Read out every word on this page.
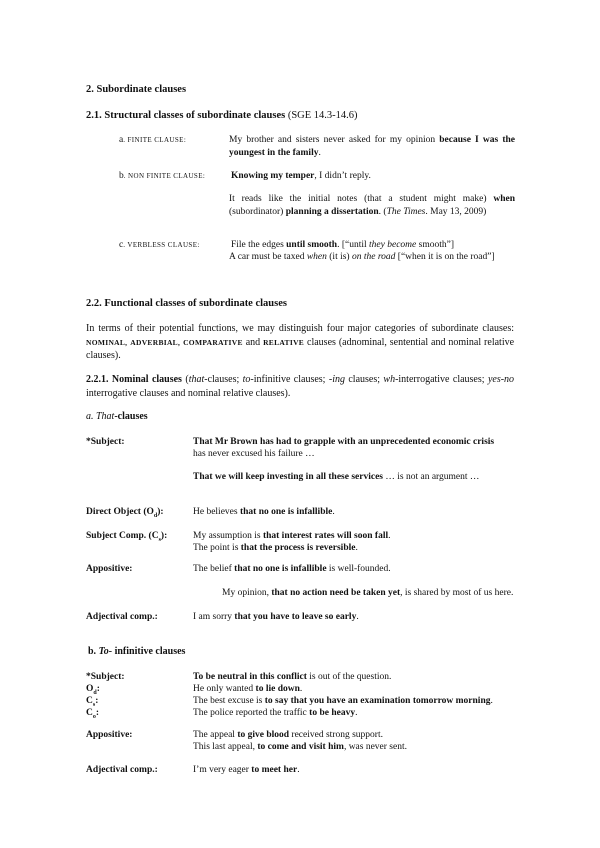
2. Subordinate clauses
2.1. Structural classes of subordinate clauses (SGE 14.3-14.6)
a. FINITE CLAUSE:	My brother and sisters never asked for my opinion because I was the youngest in the family.
b. NON FINITE CLAUSE:	Knowing my temper, I didn’t reply.
It reads like the initial notes (that a student might make) when (subordinator) planning a dissertation. (The Times. May 13, 2009)
c. VERBLESS CLAUSE:	File the edges until smooth. [“until they become smooth”]
A car must be taxed when (it is) on the road [“when it is on the road”]
2.2. Functional classes of subordinate clauses
In terms of their potential functions, we may distinguish four major categories of subordinate clauses: NOMINAL, ADVERBIAL, COMPARATIVE and RELATIVE clauses (adnominal, sentential and nominal relative clauses).
2.2.1. Nominal clauses (that-clauses; to-infinitive clauses; -ing clauses; wh-interrogative clauses; yes-no interrogative clauses and nominal relative clauses).
a. That-clauses
*Subject:	That Mr Brown has had to grapple with an unprecedented economic crisis
has never excused his failure …
That we will keep investing in all these services … is not an argument …
Direct Object $(O_d)$:	He believes that no one is infallible.
Subject Comp. $(C_s)$:	My assumption is that interest rates will soon fall.
The point is that the process is reversible.
Appositive:	The belief that no one is infallible is well-founded.
My opinion, that no action need be taken yet, is shared by most of us here.
Adjectival comp.:	I am sorry that you have to leave so early.
b. To- infinitive clauses
*Subject:	To be neutral in this conflict is out of the question.
$O_d$:	He only wanted to lie down.
$C_s$:	The best excuse is to say that you have an examination tomorrow morning.
$C_o$:	The police reported the traffic to be heavy.
Appositive:	The appeal to give blood received strong support.
This last appeal, to come and visit him, was never sent.
Adjectival comp.:	I’m very eager to meet her.
